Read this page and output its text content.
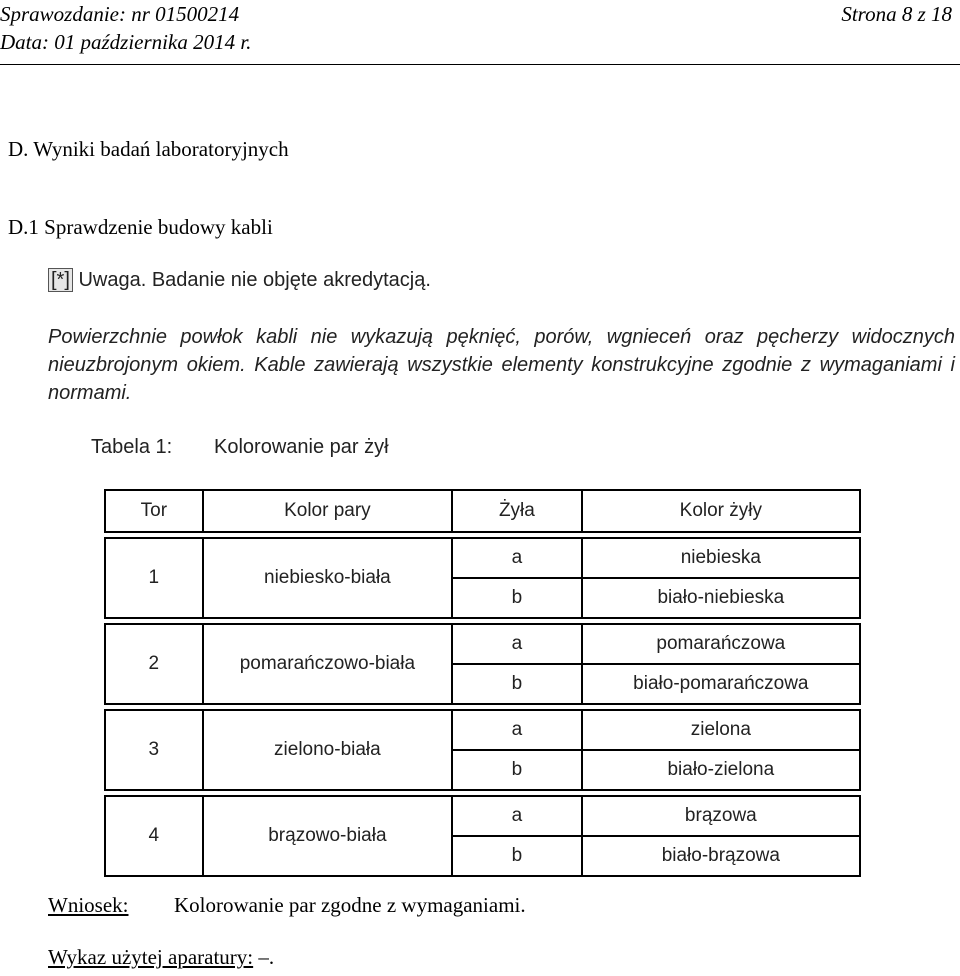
Sprawozdanie: nr 01500214
Data: 01 października 2014 r.
Strona 8 z 18
D. Wyniki badań laboratoryjnych
D.1 Sprawdzenie budowy kabli
[*] Uwaga. Badanie nie objęte akredytacją.

Powierzchnie powłok kabli nie wykazują pęknięć, porów, wgnieceń oraz pęcherzy widocznych nieuzbrojonym okiem. Kable zawierają wszystkie elementy konstrukcyjne zgodnie z wymaganiami i normami.

Tabela 1: Kolorowanie par żył
Tor	Kolor pary	Żyła	Kolor żyły

1	niebiesko-biała	a	niebieska
		b	biało-niebieska

2	pomarańczowo-biała	a	pomarańczowa
		b	biało-pomarańczowa

3	zielono-biała	a	zielona
		b	biało-zielona

4	brązowo-biała	a	brązowa
		b	biało-brązowa
Wniosek: Kolorowanie par zgodne z wymaganiami.
Wykaz użytej aparatury: –.
